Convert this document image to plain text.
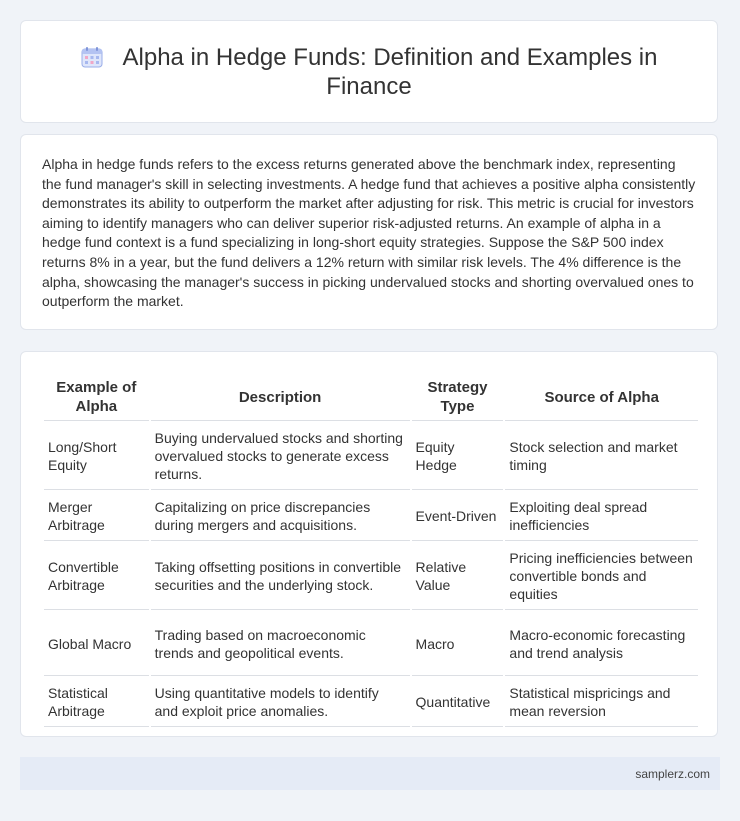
Alpha in Hedge Funds: Definition and Examples in Finance
Alpha in hedge funds refers to the excess returns generated above the benchmark index, representing the fund manager's skill in selecting investments. A hedge fund that achieves a positive alpha consistently demonstrates its ability to outperform the market after adjusting for risk. This metric is crucial for investors aiming to identify managers who can deliver superior risk-adjusted returns. An example of alpha in a hedge fund context is a fund specializing in long-short equity strategies. Suppose the S&P 500 index returns 8% in a year, but the fund delivers a 12% return with similar risk levels. The 4% difference is the alpha, showcasing the manager's success in picking undervalued stocks and shorting overvalued ones to outperform the market.
Example of Alpha	Description	Strategy Type	Source of Alpha
Long/Short Equity	Buying undervalued stocks and shorting overvalued stocks to generate excess returns.	Equity Hedge	Stock selection and market timing
Merger Arbitrage	Capitalizing on price discrepancies during mergers and acquisitions.	Event-Driven	Exploiting deal spread inefficiencies
Convertible Arbitrage	Taking offsetting positions in convertible securities and the underlying stock.	Relative Value	Pricing inefficiencies between convertible bonds and equities
Global Macro	Trading based on macroeconomic trends and geopolitical events.	Macro	Macro-economic forecasting and trend analysis
Statistical Arbitrage	Using quantitative models to identify and exploit price anomalies.	Quantitative	Statistical mispricings and mean reversion
samplerz.com
